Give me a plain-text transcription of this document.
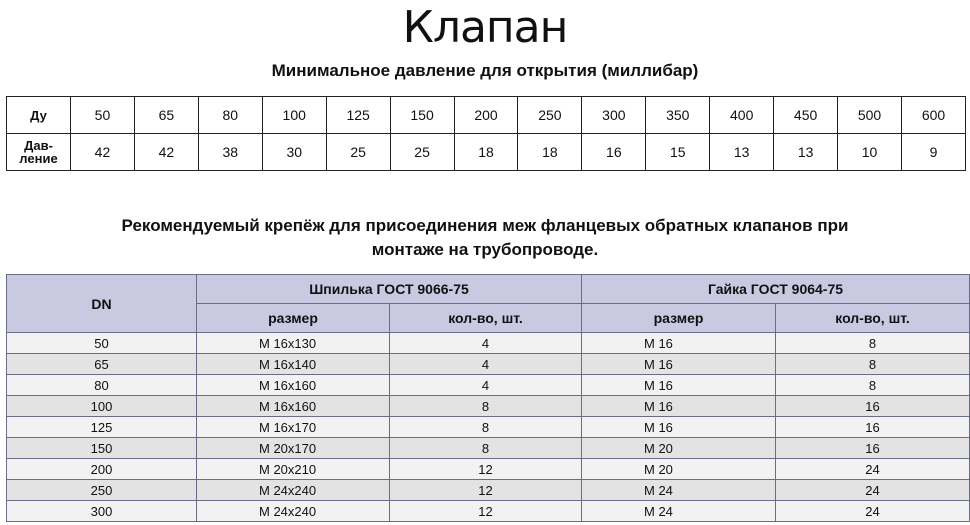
Клапан
Минимальное давление для открытия (миллибар)
Ду	50	65	80	100	125	150	200	250	300	350	400	450	500	600
Дав-
ление	42	42	38	30	25	25	18	18	16	15	13	13	10	9
Рекомендуемый крепёж для присоединения меж фланцевых обратных клапанов при
монтаже на трубопроводе.
DN	Шпилька ГОСТ 9066-75		Гайка ГОСТ 9064-75	
	размер	кол-во, шт.	размер	кол-во, шт.
50	М 16х130	4	М 16	8
65	М 16х140	4	М 16	8
80	М 16х160	4	М 16	8
100	М 16х160	8	М 16	16
125	М 16х170	8	М 16	16
150	М 20х170	8	М 20	16
200	М 20х210	12	М 20	24
250	М 24х240	12	М 24	24
300	М 24х240	12	М 24	24
